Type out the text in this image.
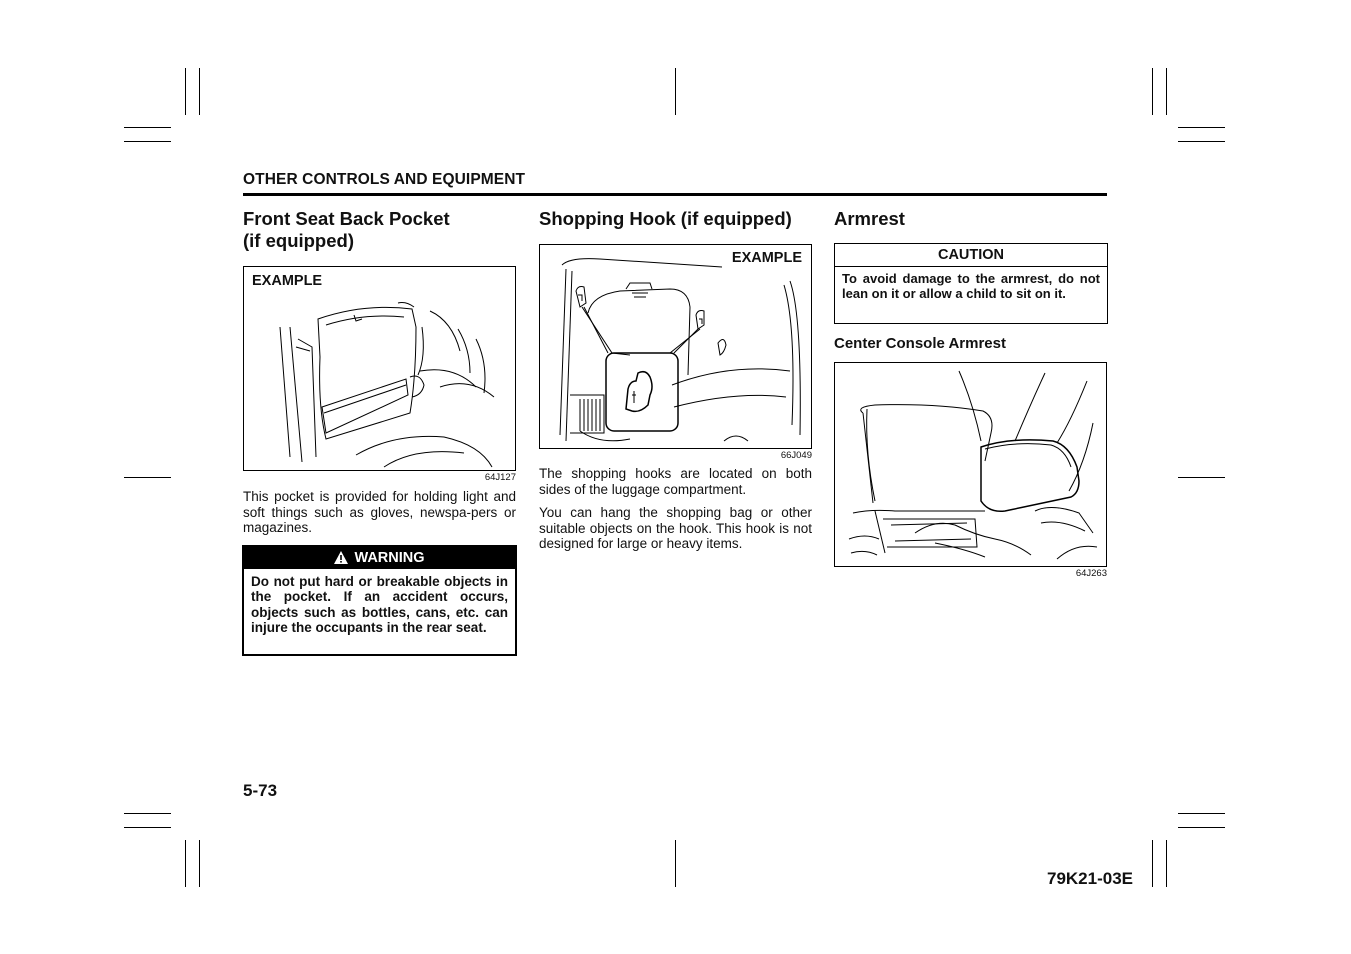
OTHER CONTROLS AND EQUIPMENT
Front Seat Back Pocket
(if equipped)
EXAMPLE
64J127
This pocket is provided for holding light and soft things such as gloves, newspa-pers or magazines.
WARNING
Do not put hard or breakable objects in the pocket. If an accident occurs, objects such as bottles, cans, etc. can injure the occupants in the rear seat.
Shopping Hook (if equipped)
EXAMPLE
66J049
The shopping hooks are located on both sides of the luggage compartment.
You can hang the shopping bag or other suitable objects on the hook. This hook is not designed for large or heavy items.
Armrest
CAUTION
To avoid damage to the armrest, do not lean on it or allow a child to sit on it.
Center Console Armrest
64J263
5-73
79K21-03E
